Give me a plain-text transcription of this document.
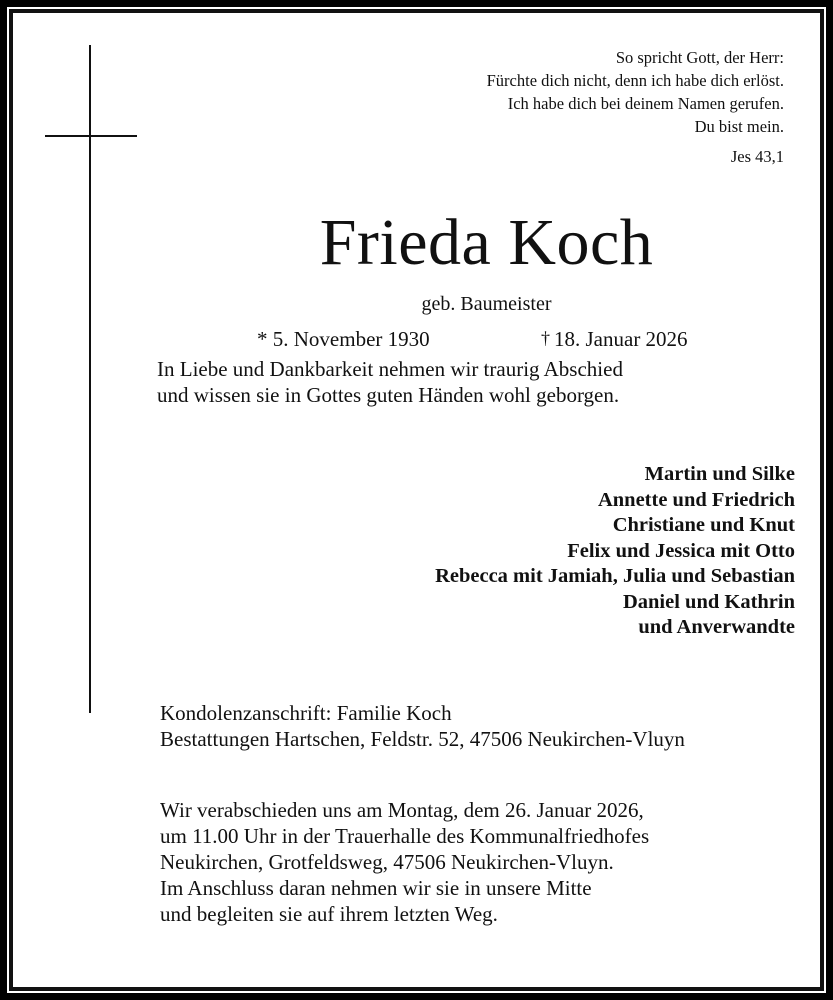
So spricht Gott, der Herr:
Fürchte dich nicht, denn ich habe dich erlöst.
Ich habe dich bei deinem Namen gerufen.
Du bist mein.
Jes 43,1
Frieda Koch
geb. Baumeister
* 5. November 1930	† 18. Januar 2026
In Liebe und Dankbarkeit nehmen wir traurig Abschied
und wissen sie in Gottes guten Händen wohl geborgen.
Martin und Silke
Annette und Friedrich
Christiane und Knut
Felix und Jessica mit Otto
Rebecca mit Jamiah, Julia und Sebastian
Daniel und Kathrin
und Anverwandte
Kondolenzanschrift: Familie Koch
Bestattungen Hartschen, Feldstr. 52, 47506 Neukirchen-Vluyn
Wir verabschieden uns am Montag, dem 26. Januar 2026,
um 11.00 Uhr in der Trauerhalle des Kommunalfriedhofes
Neukirchen, Grotfeldsweg, 47506 Neukirchen-Vluyn.
Im Anschluss daran nehmen wir sie in unsere Mitte
und begleiten sie auf ihrem letzten Weg.
